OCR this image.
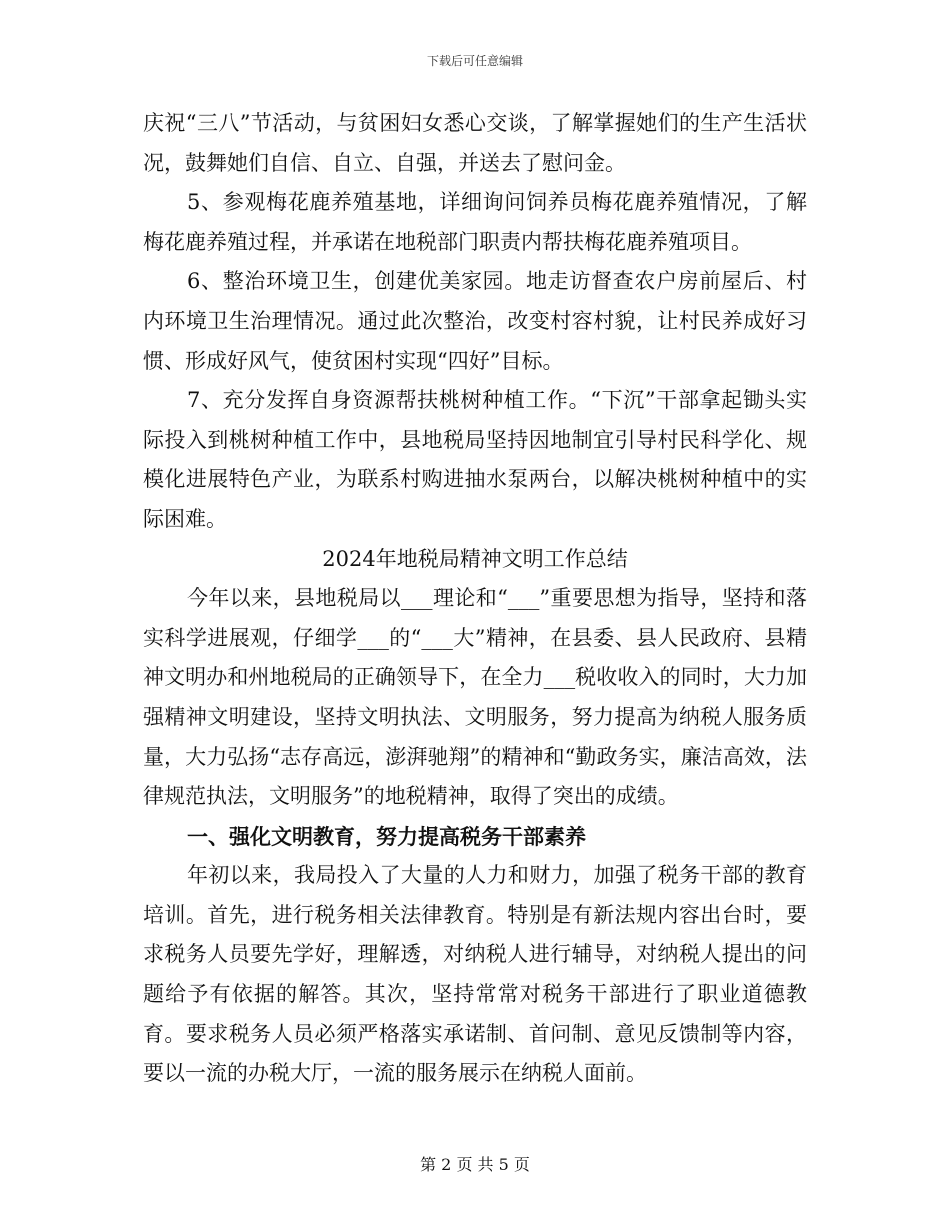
下载后可任意编辑

庆祝“三八”节活动，与贫困妇女悉心交谈，了解掌握她们的生产生活状况，鼓舞她们自信、自立、自强，并送去了慰问金。

5、参观梅花鹿养殖基地，详细询问饲养员梅花鹿养殖情况，了解梅花鹿养殖过程，并承诺在地税部门职责内帮扶梅花鹿养殖项目。

6、整治环境卫生，创建优美家园。地走访督查农户房前屋后、村内环境卫生治理情况。通过此次整治，改变村容村貌，让村民养成好习惯、形成好风气，使贫困村实现“四好”目标。

7、充分发挥自身资源帮扶桃树种植工作。“下沉”干部拿起锄头实际投入到桃树种植工作中，县地税局坚持因地制宜引导村民科学化、规模化进展特色产业，为联系村购进抽水泵两台，以解决桃树种植中的实际困难。

2024年地税局精神文明工作总结

今年以来，县地税局以___理论和“___”重要思想为指导，坚持和落实科学进展观，仔细学___的“___大”精神，在县委、县人民政府、县精神文明办和州地税局的正确领导下，在全力___税收收入的同时，大力加强精神文明建设，坚持文明执法、文明服务，努力提高为纳税人服务质量，大力弘扬“志存高远，澎湃驰翔”的精神和“勤政务实，廉洁高效，法律规范执法，文明服务”的地税精神，取得了突出的成绩。

一、强化文明教育，努力提高税务干部素养

年初以来，我局投入了大量的人力和财力，加强了税务干部的教育培训。首先，进行税务相关法律教育。特别是有新法规内容出台时，要求税务人员要先学好，理解透，对纳税人进行辅导，对纳税人提出的问题给予有依据的解答。其次，坚持常常对税务干部进行了职业道德教育。要求税务人员必须严格落实承诺制、首问制、意见反馈制等内容，要以一流的办税大厅，一流的服务展示在纳税人面前。

第 2 页 共 5 页
